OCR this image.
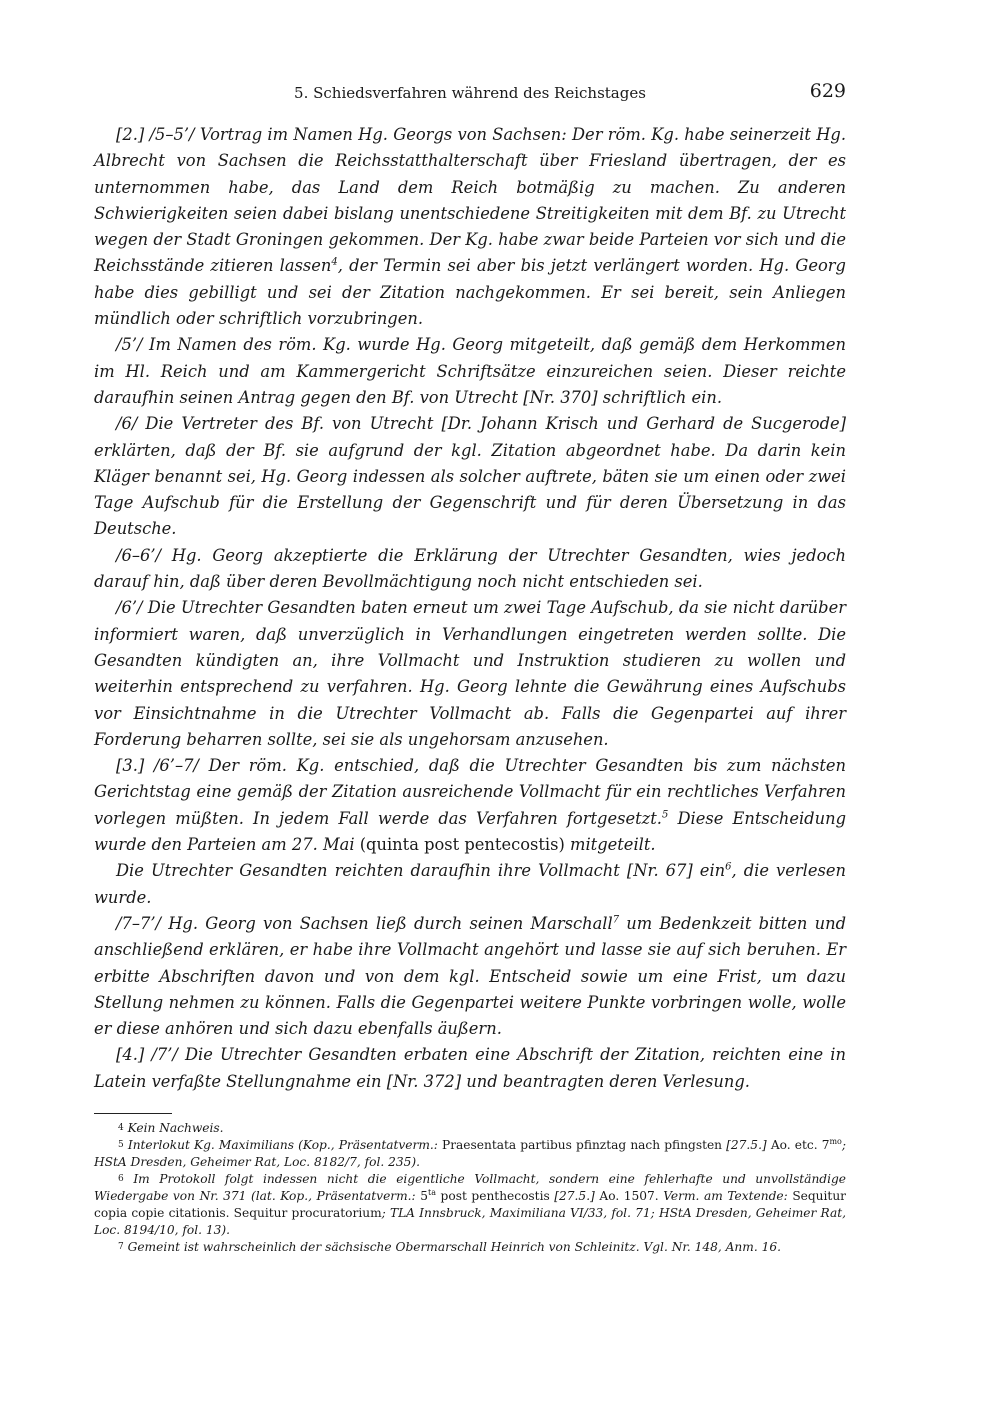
5. Schiedsverfahren während des Reichstages	629

[2.] /5–5’/ Vortrag im Namen Hg. Georgs von Sachsen: Der röm. Kg. habe seinerzeit Hg. Albrecht von Sachsen die Reichsstatthalterschaft über Friesland übertragen, der es unternommen habe, das Land dem Reich botmäßig zu machen. Zu anderen Schwierigkeiten seien dabei bislang unentschiedene Streitigkeiten mit dem Bf. zu Utrecht wegen der Stadt Groningen gekommen. Der Kg. habe zwar beide Parteien vor sich und die Reichsstände zitieren lassen$^4$, der Termin sei aber bis jetzt verlängert worden. Hg. Georg habe dies gebilligt und sei der Zitation nachgekommen. Er sei bereit, sein Anliegen mündlich oder schriftlich vorzubringen.

/5’/ Im Namen des röm. Kg. wurde Hg. Georg mitgeteilt, daß gemäß dem Herkommen im Hl. Reich und am Kammergericht Schriftsätze einzureichen seien. Dieser reichte daraufhin seinen Antrag gegen den Bf. von Utrecht [Nr. 370] schriftlich ein.

/6/ Die Vertreter des Bf. von Utrecht [Dr. Johann Krisch und Gerhard de Sucgerode] erklärten, daß der Bf. sie aufgrund der kgl. Zitation abgeordnet habe. Da darin kein Kläger benannt sei, Hg. Georg indessen als solcher auftrete, bäten sie um einen oder zwei Tage Aufschub für die Erstellung der Gegenschrift und für deren Übersetzung in das Deutsche.

/6–6’/ Hg. Georg akzeptierte die Erklärung der Utrechter Gesandten, wies jedoch darauf hin, daß über deren Bevollmächtigung noch nicht entschieden sei.

/6’/ Die Utrechter Gesandten baten erneut um zwei Tage Aufschub, da sie nicht darüber informiert waren, daß unverzüglich in Verhandlungen eingetreten werden sollte. Die Gesandten kündigten an, ihre Vollmacht und Instruktion studieren zu wollen und weiterhin entsprechend zu verfahren. Hg. Georg lehnte die Gewährung eines Aufschubs vor Einsichtnahme in die Utrechter Vollmacht ab. Falls die Gegenpartei auf ihrer Forderung beharren sollte, sei sie als ungehorsam anzusehen.

[3.] /6’–7/ Der röm. Kg. entschied, daß die Utrechter Gesandten bis zum nächsten Gerichtstag eine gemäß der Zitation ausreichende Vollmacht für ein rechtliches Verfahren vorlegen müßten. In jedem Fall werde das Verfahren fortgesetzt.$^5$ Diese Entscheidung wurde den Parteien am 27. Mai (quinta post pentecostis) mitgeteilt.

Die Utrechter Gesandten reichten daraufhin ihre Vollmacht [Nr. 67] ein$^6$, die verlesen wurde.

/7–7’/ Hg. Georg von Sachsen ließ durch seinen Marschall$^7$ um Bedenkzeit bitten und anschließend erklären, er habe ihre Vollmacht angehört und lasse sie auf sich beruhen. Er erbitte Abschriften davon und von dem kgl. Entscheid sowie um eine Frist, um dazu Stellung nehmen zu können. Falls die Gegenpartei weitere Punkte vorbringen wolle, wolle er diese anhören und sich dazu ebenfalls äußern.

[4.] /7’/ Die Utrechter Gesandten erbaten eine Abschrift der Zitation, reichten eine in Latein verfaßte Stellungnahme ein [Nr. 372] und beantragten deren Verlesung.

4 Kein Nachweis.

5 Interlokut Kg. Maximilians (Kop., Präsentatverm.: Praesentata partibus pfinztag nach pfingsten [27.5.] Ao. etc. $7^{mo}$; HStA Dresden, Geheimer Rat, Loc. 8182/7, fol. 235).

6 Im Protokoll folgt indessen nicht die eigentliche Vollmacht, sondern eine fehlerhafte und unvollständige Wiedergabe von Nr. 371 (lat. Kop., Präsentatverm.: $5^{ta}$ post penthecostis [27.5.] Ao. 1507. Verm. am Textende: Sequitur copia copie citationis. Sequitur procuratorium; TLA Innsbruck, Maximiliana VI/33, fol. 71; HStA Dresden, Geheimer Rat, Loc. 8194/10, fol. 13).

7 Gemeint ist wahrscheinlich der sächsische Obermarschall Heinrich von Schleinitz. Vgl. Nr. 148, Anm. 16.
